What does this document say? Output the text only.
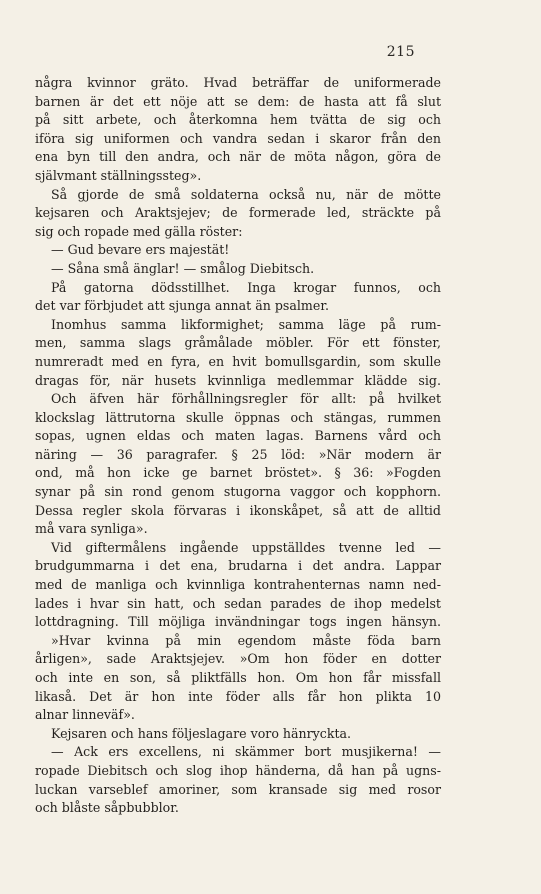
215
några kvinnor gräto. Hvad beträffar de uniformerade
barnen är det ett nöje att se dem: de hasta att få slut
på sitt arbete, och återkomna hem tvätta de sig och
iföra sig uniformen och vandra sedan i skaror från den
ena byn till den andra, och när de möta någon, göra de
självmant ställningssteg».
Så gjorde de små soldaterna också nu, när de mötte
kejsaren och Araktsjejev; de formerade led, sträckte på
sig och ropade med gälla röster:
— Gud bevare ers majestät!
— Såna små änglar! — smålog Diebitsch.
På gatorna dödsstillhet. Inga krogar funnos, och
det var förbjudet att sjunga annat än psalmer.
Inomhus samma likformighet; samma läge på rum-
men, samma slags gråmålade möbler. För ett fönster,
numreradt med en fyra, en hvit bomullsgardin, som skulle
dragas för, när husets kvinnliga medlemmar klädde sig.
Och äfven här förhållningsregler för allt: på hvilket
klockslag lättrutorna skulle öppnas och stängas, rummen
sopas, ugnen eldas och maten lagas. Barnens vård och
näring — 36 paragrafer. § 25 löd: »När modern är
ond, må hon icke ge barnet bröstet». § 36: »Fogden
synar på sin rond genom stugorna vaggor och kopphorn.
Dessa regler skola förvaras i ikonskåpet, så att de alltid
må vara synliga».
Vid giftermålens ingående uppställdes tvenne led —
brudgummarna i det ena, brudarna i det andra. Lappar
med de manliga och kvinnliga kontrahenternas namn ned-
lades i hvar sin hatt, och sedan parades de ihop medelst
lottdragning. Till möjliga invändningar togs ingen hänsyn.
»Hvar kvinna på min egendom måste föda barn
årligen», sade Araktsjejev. »Om hon föder en dotter
och inte en son, så pliktfälls hon. Om hon får missfall
likaså. Det är hon inte föder alls får hon plikta 10
alnar linneväf».
Kejsaren och hans följeslagare voro hänryckta.
— Ack ers excellens, ni skämmer bort musjikerna! —
ropade Diebitsch och slog ihop händerna, då han på ugns-
luckan varseblef amoriner, som kransade sig med rosor
och blåste såpbubblor.
